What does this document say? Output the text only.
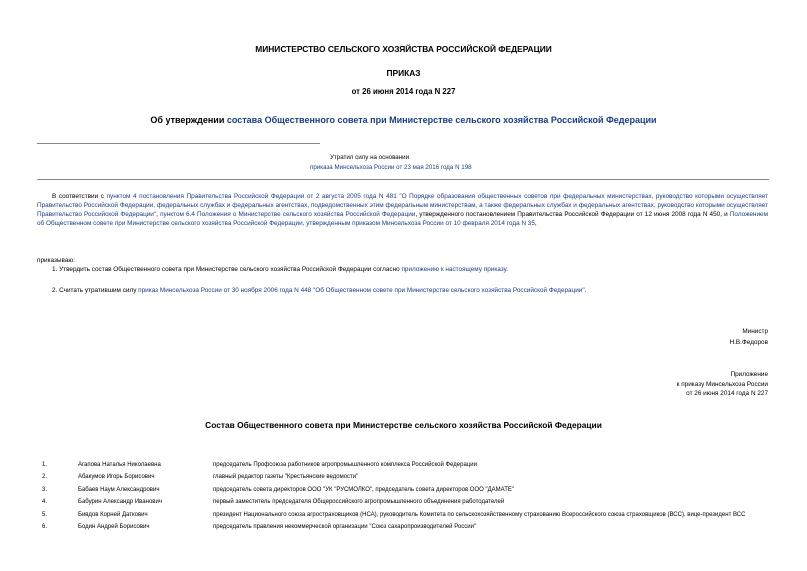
МИНИСТЕРСТВО СЕЛЬСКОГО ХОЗЯЙСТВА РОССИЙСКОЙ ФЕДЕРАЦИИ
ПРИКАЗ
от 26 июня 2014 года N 227
Об утверждении состава Общественного совета при Министерстве сельского хозяйства Российской Федерации
Утратил силу на основании
приказа Минсельхоза России от 23 мая 2016 года N 198
В соответствии с пунктом 4 постановления Правительства Российской Федерации от 2 августа 2005 года N 481 "О Порядке образования общественных советов при федеральных министерствах, руководство которыми осуществляет Правительство Российской Федерации, федеральных службах и федеральных агентствах, подведомственных этим федеральным министерствам, а также федеральных службах и федеральных агентствах, руководство которыми осуществляет Правительство Российской Федерации", пунктом 6.4 Положения о Министерстве сельского хозяйства Российской Федерации, утвержденного постановлением Правительства Российской Федерации от 12 июня 2008 года N 450, и Положением об Общественном совете при Министерстве сельского хозяйства Российской Федерации, утвержденным приказом Минсельхоза России от 10 февраля 2014 года N 35,
приказываю:
1. Утвердить состав Общественного совета при Министерстве сельского хозяйства Российской Федерации согласно приложению к настоящему приказу.
2. Считать утратившим силу приказ Минсельхоза России от 30 ноября 2006 года N 448 "Об Общественном совете при Министерстве сельского хозяйства Российской Федерации".
Министр
Н.В.Федоров
Приложение
к приказу Минсельхоза России
от 26 июня 2014 года N 227
Состав Общественного совета при Министерстве сельского хозяйства Российской Федерации
1.	Агапова Наталья Николаевна	председатель Профсоюза работников агропромышленного комплекса Российской Федерации
2.	Абакумов Игорь Борисович	главный редактор газеты "Крестьянские ведомости"
3.	Бабаев Наум Александрович	председатель совета директоров ООО "УК "РУСМОЛКО", председатель совета директоров ООО "ДАМАТЕ"
4.	Бабурин Александр Иванович	первый заместитель председателя Общероссийского агропромышленного объединения работодателей
5.	Бивдов Корней Даткович	президент Национального союза агростраховщиков (НСА), руководитель Комитета по сельскохозяйственному страхованию Всероссийского союза страховщиков (ВСС), вице-президент ВСС
6.	Бодин Андрей Борисович	председатель правления некоммерческой организации "Союз сахаропроизводителей России"
